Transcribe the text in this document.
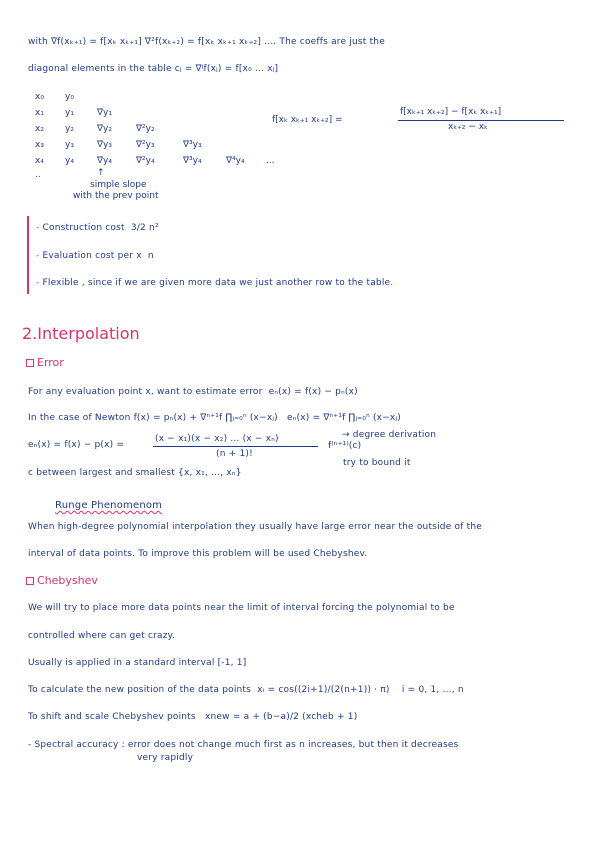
with ∇f(xₖ₊₁) = f[xₖ xₖ₊₁] ∇²f(xₖ₊₂) = f[xₖ xₖ₊₁ xₖ₊₂] .... The coeffs are just the
diagonal elements in the table cⱼ = ∇ʲf(xⱼ) = f[x₀ ... xⱼ]
x₀
x₁
x₂
x₃
x₄
..
y₀
y₁
y₂
y₃
y₄
∇y₁
∇y₂
∇y₃
∇y₄
∇²y₂
∇²y₃
∇²y₄
∇³y₃
∇³y₄	∇⁴y₄ ...
↑
simple slope
with the prev point
f[xₖ xₖ₊₁ xₖ₊₂] =
f[xₖ₊₁ xₖ₊₂] − f[xₖ xₖ₊₁]
xₖ₊₂ − xₖ
- Construction cost 3/2 n²
- Evaluation cost per x n
- Flexible , since if we are given more data we just another row to the table.
2.Interpolation
Error
For any evaluation point x, want to estimate error eₙ(x) = f(x) − pₙ(x)
In the case of Newton f(x) = pₙ(x) + ∇ⁿ⁺¹f ∏ⱼ₌₀ⁿ (x−xⱼ) eₙ(x) = ∇ⁿ⁺¹f ∏ⱼ₌₀ⁿ (x−xⱼ)
eₙ(x) = f(x) − p(x) =
(x − x₁)(x − x₂) ... (x − xₙ)
(n + 1)!
f⁽ⁿ⁺¹⁾(c)
→ degree derivation
try to bound it
c between largest and smallest {x, x₁, ..., xₙ}
Runge Phenomenom
When high-degree polynomial interpolation they usually have large error near the outside of the
interval of data points. To improve this problem will be used Chebyshev.
Chebyshev
We will try to place more data points near the limit of interval forcing the polynomial to be
controlled where can get crazy.
Usually is applied in a standard interval [-1, 1]
To calculate the new position of the data points xᵢ = cos((2i+1)/(2(n+1)) · π) i = 0, 1, ..., n
To shift and scale Chebyshev points xnew = a + (b−a)/2 (xcheb + 1)
- Spectral accuracy : error does not change much first as n increases, but then it decreases
very rapidly
